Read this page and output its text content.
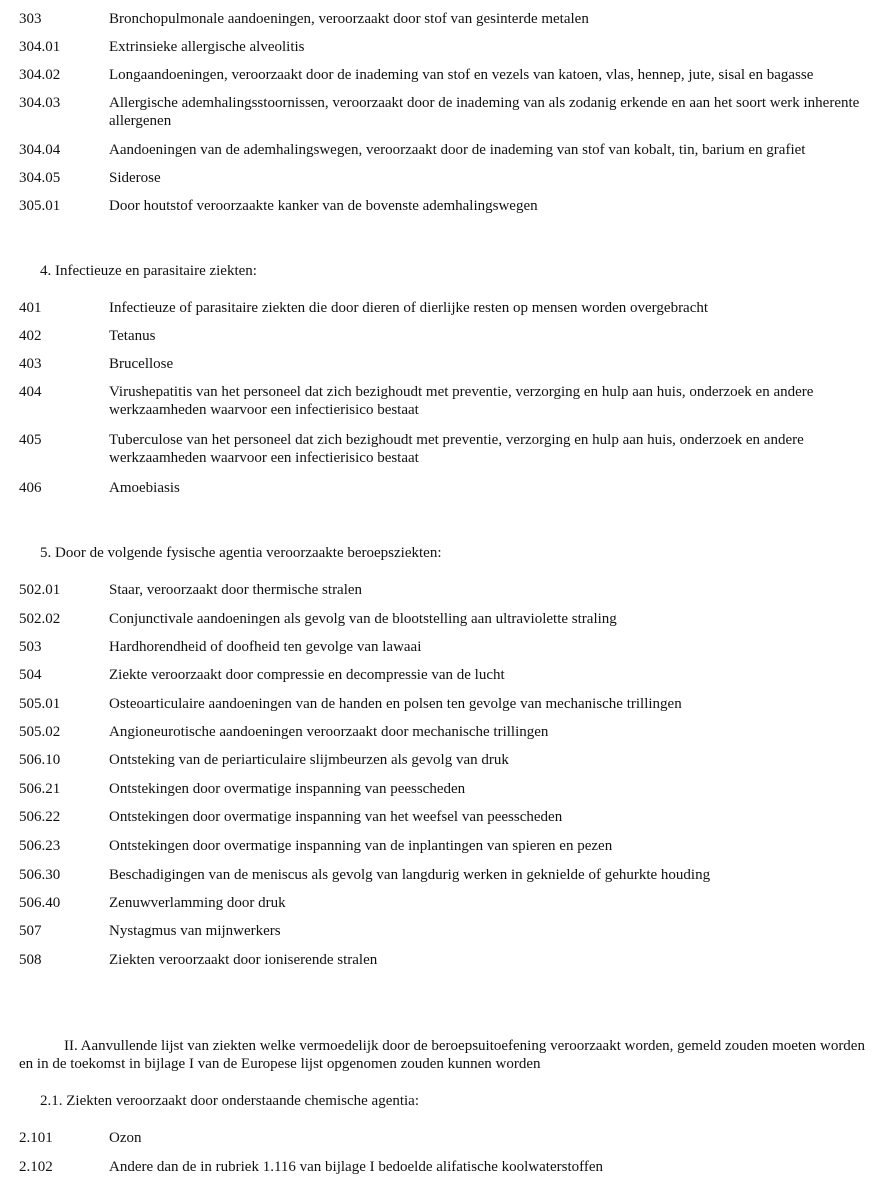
303	Bronchopulmonale aandoeningen, veroorzaakt door stof van gesinterde metalen
304.01	Extrinsieke allergische alveolitis
304.02	Longaandoeningen, veroorzaakt door de inademing van stof en vezels van katoen, vlas, hennep, jute, sisal en bagasse
304.03	Allergische ademhalingsstoornissen, veroorzaakt door de inademing van als zodanig erkende en aan het soort werk inherente allergenen
304.04	Aandoeningen van de ademhalingswegen, veroorzaakt door de inademing van stof van kobalt, tin, barium en grafiet
304.05	Siderose
305.01	Door houtstof veroorzaakte kanker van de bovenste ademhalingswegen
4. Infectieuze en parasitaire ziekten:
401	Infectieuze of parasitaire ziekten die door dieren of dierlijke resten op mensen worden overgebracht
402	Tetanus
403	Brucellose
404	Virushepatitis van het personeel dat zich bezighoudt met preventie, verzorging en hulp aan huis, onderzoek en andere werkzaamheden waarvoor een infectierisico bestaat
405	Tuberculose van het personeel dat zich bezighoudt met preventie, verzorging en hulp aan huis, onderzoek en andere werkzaamheden waarvoor een infectierisico bestaat
406	Amoebiasis
5. Door de volgende fysische agentia veroorzaakte beroepsziekten:
502.01	Staar, veroorzaakt door thermische stralen
502.02	Conjunctivale aandoeningen als gevolg van de blootstelling aan ultraviolette straling
503	Hardhorendheid of doofheid ten gevolge van lawaai
504	Ziekte veroorzaakt door compressie en decompressie van de lucht
505.01	Osteoarticulaire aandoeningen van de handen en polsen ten gevolge van mechanische trillingen
505.02	Angioneurotische aandoeningen veroorzaakt door mechanische trillingen
506.10	Ontsteking van de periarticulaire slijmbeurzen als gevolg van druk
506.21	Ontstekingen door overmatige inspanning van peesscheden
506.22	Ontstekingen door overmatige inspanning van het weefsel van peesscheden
506.23	Ontstekingen door overmatige inspanning van de inplantingen van spieren en pezen
506.30	Beschadigingen van de meniscus als gevolg van langdurig werken in geknielde of gehurkte houding
506.40	Zenuwverlamming door druk
507	Nystagmus van mijnwerkers
508	Ziekten veroorzaakt door ioniserende stralen
II. Aanvullende lijst van ziekten welke vermoedelijk door de beroepsuitoefening veroorzaakt worden, gemeld zouden moeten worden en in de toekomst in bijlage I van de Europese lijst opgenomen zouden kunnen worden
2.1. Ziekten veroorzaakt door onderstaande chemische agentia:
2.101	Ozon
2.102	Andere dan de in rubriek 1.116 van bijlage I bedoelde alifatische koolwaterstoffen
